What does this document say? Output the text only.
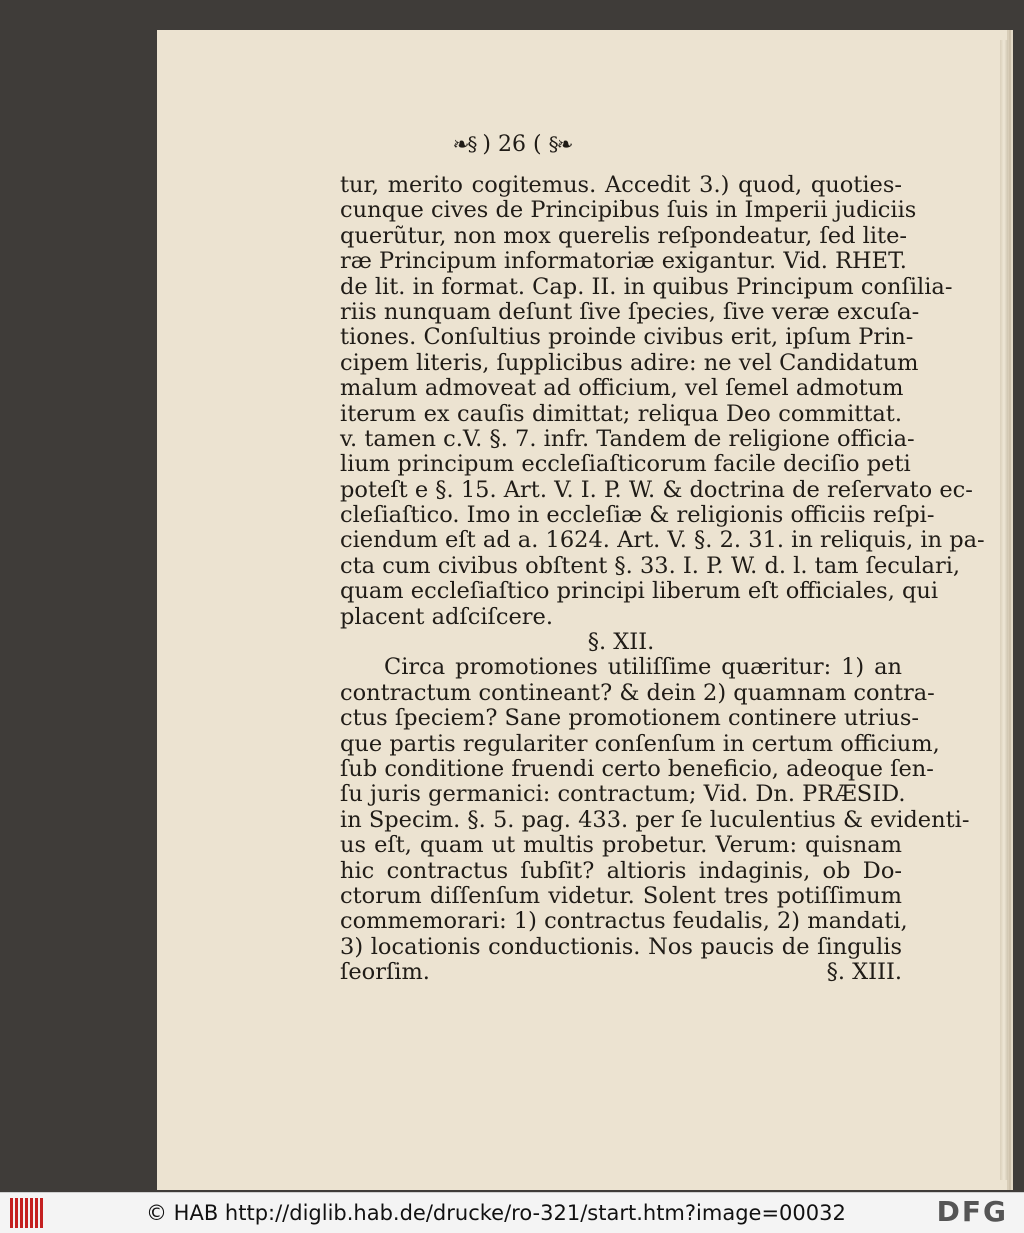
❧§ ) 26 ( §❧
tur, merito cogitemus. Accedit 3.) quod, quoties-
cunque cives de Principibus ſuis in Imperii judiciis
querũtur, non mox querelis reſpondeatur, ſed lite-
ræ Principum informatoriæ exigantur. Vid. RHET.
de lit. in format. Cap. II. in quibus Principum conſilia-
riis nunquam deſunt ſive ſpecies, ſive veræ excuſa-
tiones. Conſultius proinde civibus erit, ipſum Prin-
cipem literis, ſupplicibus adire: ne vel Candidatum
malum admoveat ad officium, vel ſemel admotum
iterum ex cauſis dimittat; reliqua Deo committat.
v. tamen c.V. §. 7. infr. Tandem de religione officia-
lium principum eccleſiaſticorum facile deciſio peti
poteſt e §. 15. Art. V. I. P. W. & doctrina de reſervato ec-
cleſiaſtico. Imo in eccleſiæ & religionis officiis reſpi-
ciendum eſt ad a. 1624. Art. V. §. 2. 31. in reliquis, in pa-
cta cum civibus obſtent §. 33. I. P. W. d. l. tam ſeculari,
quam eccleſiaſtico principi liberum eſt officiales, qui
placent adſciſcere.
§. XII.
Circa promotiones utiliſſime quæritur: 1) an
contractum contineant? & dein 2) quamnam contra-
ctus ſpeciem? Sane promotionem continere utrius-
que partis regulariter conſenſum in certum officium,
ſub conditione fruendi certo beneficio, adeoque ſen-
ſu juris germanici: contractum; Vid. Dn. PRÆSID.
in Specim. §. 5. pag. 433. per ſe luculentius & evidenti-
us eſt, quam ut multis probetur. Verum: quisnam
hic contractus ſubſit? altioris indaginis, ob Do-
ctorum diſſenſum videtur. Solent tres potiſſimum
commemorari: 1) contractus feudalis, 2) mandati,
3) locationis conductionis. Nos paucis de ſingulis
ſeorſim.	§. XIII.
© HAB http://diglib.hab.de/drucke/ro-321/start.htm?image=00032	DFG
